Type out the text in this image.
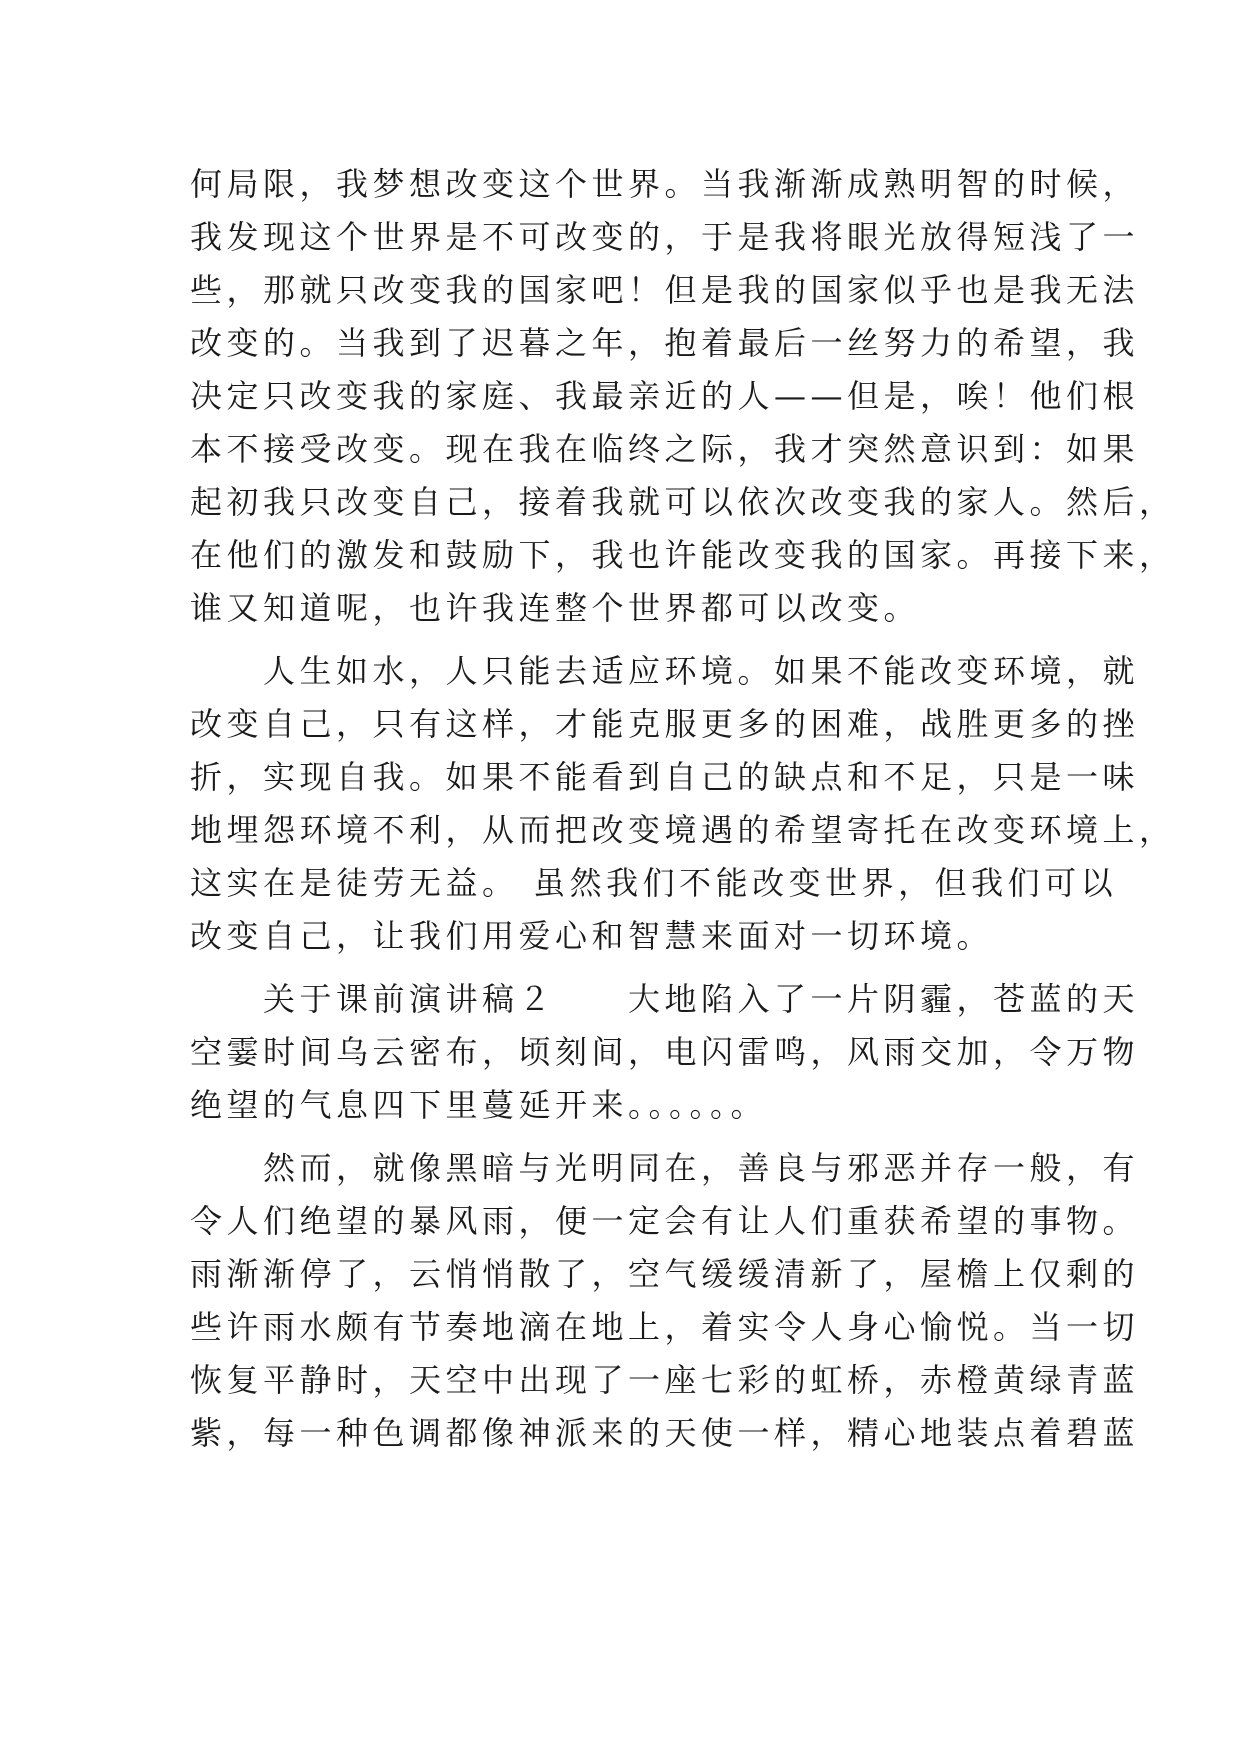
何局限，我梦想改变这个世界。当我渐渐成熟明智的时候，
我发现这个世界是不可改变的，于是我将眼光放得短浅了一
些，那就只改变我的国家吧！但是我的国家似乎也是我无法
改变的。当我到了迟暮之年，抱着最后一丝努力的希望，我
决定只改变我的家庭、我最亲近的人——但是，唉！他们根
本不接受改变。现在我在临终之际，我才突然意识到：如果
起初我只改变自己，接着我就可以依次改变我的家人。然后，
在他们的激发和鼓励下，我也许能改变我的国家。再接下来，
谁又知道呢，也许我连整个世界都可以改变。
　　人生如水，人只能去适应环境。如果不能改变环境，就
改变自己，只有这样，才能克服更多的困难，战胜更多的挫
折，实现自我。如果不能看到自己的缺点和不足，只是一味
地埋怨环境不利，从而把改变境遇的希望寄托在改变环境上，
这实在是徒劳无益。 虽然我们不能改变世界，但我们可以
改变自己，让我们用爱心和智慧来面对一切环境。
　　关于课前演讲稿２　　大地陷入了一片阴霾，苍蓝的天
空霎时间乌云密布，顷刻间，电闪雷鸣，风雨交加，令万物
绝望的气息四下里蔓延开来。。。。。。
　　然而，就像黑暗与光明同在，善良与邪恶并存一般，有
令人们绝望的暴风雨，便一定会有让人们重获希望的事物。
雨渐渐停了，云悄悄散了，空气缓缓清新了，屋檐上仅剩的
些许雨水颇有节奏地滴在地上，着实令人身心愉悦。当一切
恢复平静时，天空中出现了一座七彩的虹桥，赤橙黄绿青蓝
紫，每一种色调都像神派来的天使一样，精心地装点着碧蓝
